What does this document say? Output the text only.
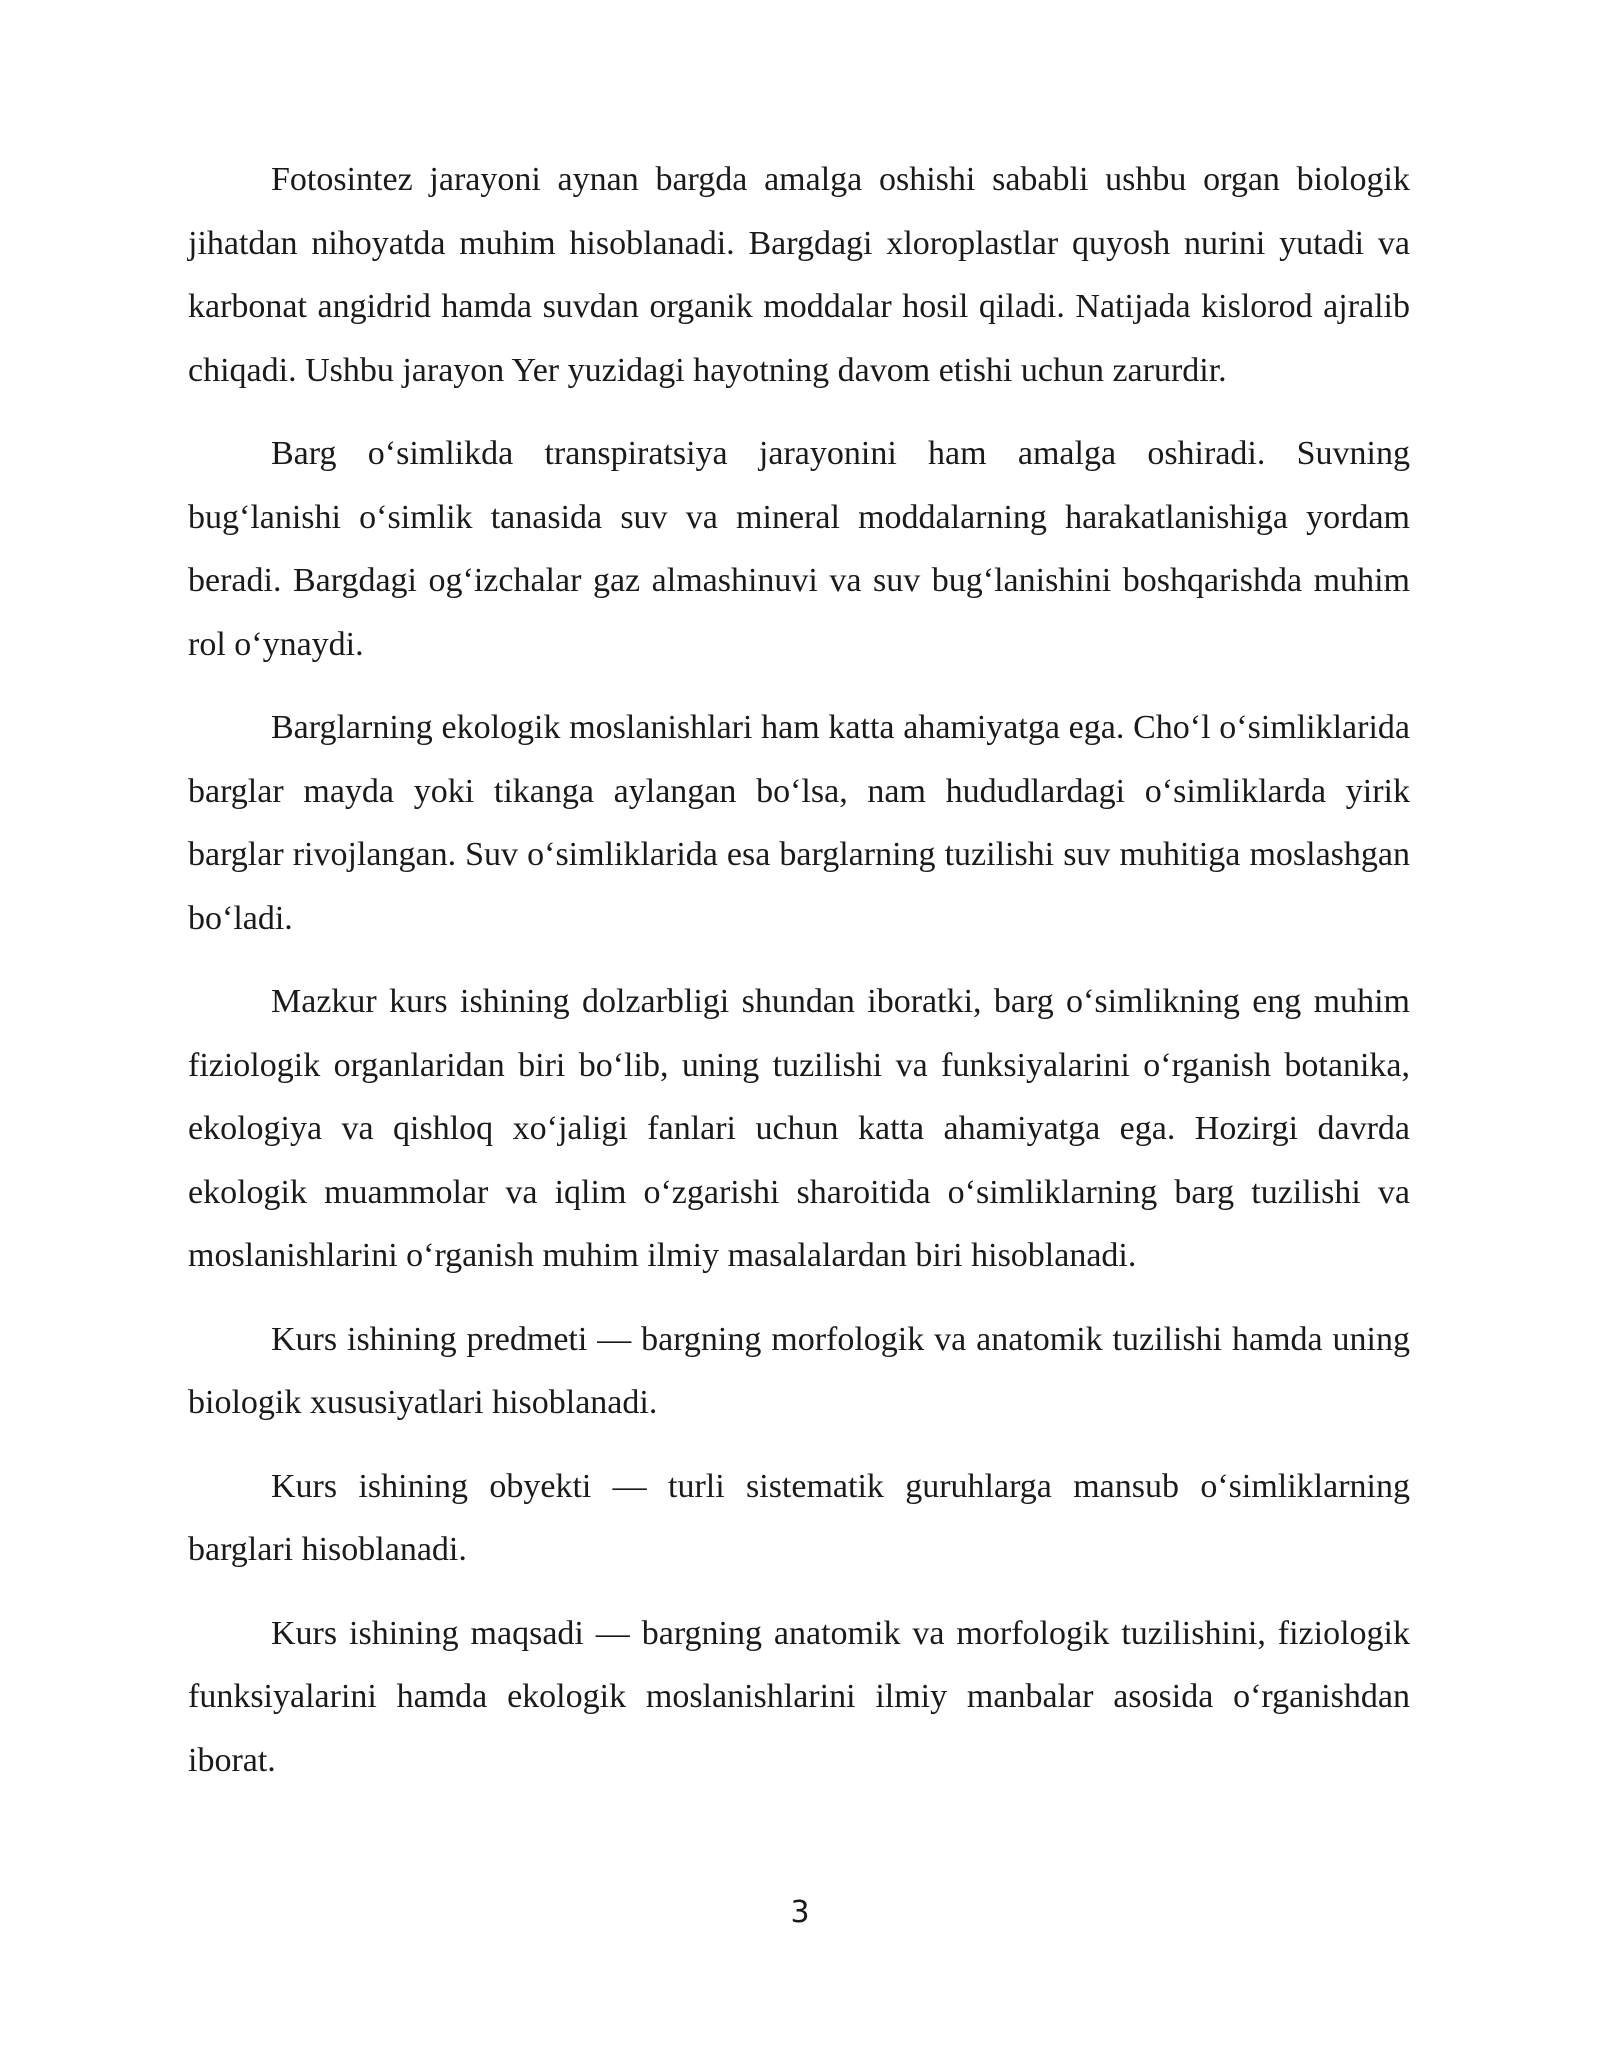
Fotosintez jarayoni aynan bargda amalga oshishi sababli ushbu organ biologik jihatdan nihoyatda muhim hisoblanadi. Bargdagi xloroplastlar quyosh nurini yutadi va karbonat angidrid hamda suvdan organik moddalar hosil qiladi. Natijada kislorod ajralib chiqadi. Ushbu jarayon Yer yuzidagi hayotning davom etishi uchun zarurdir.

Barg o‘simlikda transpiratsiya jarayonini ham amalga oshiradi. Suvning bug‘lanishi o‘simlik tanasida suv va mineral moddalarning harakatlanishiga yordam beradi. Bargdagi og‘izchalar gaz almashinuvi va suv bug‘lanishini boshqarishda muhim rol o‘ynaydi.

Barglarning ekologik moslanishlari ham katta ahamiyatga ega. Cho‘l o‘simliklarida barglar mayda yoki tikanga aylangan bo‘lsa, nam hududlardagi o‘simliklarda yirik barglar rivojlangan. Suv o‘simliklarida esa barglarning tuzilishi suv muhitiga moslashgan bo‘ladi.

Mazkur kurs ishining dolzarbligi shundan iboratki, barg o‘simlikning eng muhim fiziologik organlaridan biri bo‘lib, uning tuzilishi va funksiyalarini o‘rganish botanika, ekologiya va qishloq xo‘jaligi fanlari uchun katta ahamiyatga ega. Hozirgi davrda ekologik muammolar va iqlim o‘zgarishi sharoitida o‘simliklarning barg tuzilishi va moslanishlarini o‘rganish muhim ilmiy masalalardan biri hisoblanadi.

Kurs ishining predmeti — bargning morfologik va anatomik tuzilishi hamda uning biologik xususiyatlari hisoblanadi.

Kurs ishining obyekti — turli sistematik guruhlarga mansub o‘simliklarning barglari hisoblanadi.

Kurs ishining maqsadi — bargning anatomik va morfologik tuzilishini, fiziologik funksiyalarini hamda ekologik moslanishlarini ilmiy manbalar asosida o‘rganishdan iborat.

3
